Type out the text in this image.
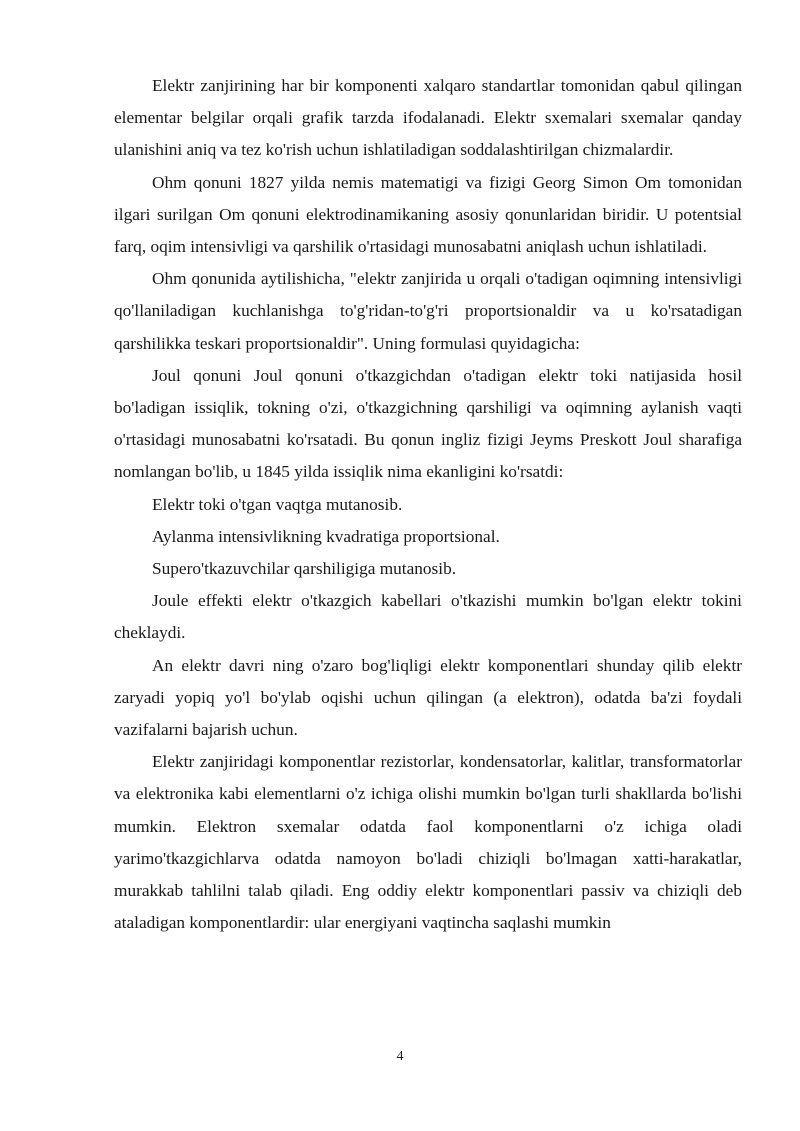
Elektr zanjirining har bir komponenti xalqaro standartlar tomonidan qabul qilingan elementar belgilar orqali grafik tarzda ifodalanadi. Elektr sxemalari sxemalar qanday ulanishini aniq va tez ko'rish uchun ishlatiladigan soddalashtirilgan chizmalardir.

Ohm qonuni 1827 yilda nemis matematigi va fizigi Georg Simon Om tomonidan ilgari surilgan Om qonuni elektrodinamikaning asosiy qonunlaridan biridir. U potentsial farq, oqim intensivligi va qarshilik o'rtasidagi munosabatni aniqlash uchun ishlatiladi.

Ohm qonunida aytilishicha, "elektr zanjirida u orqali o'tadigan oqimning intensivligi qo'llaniladigan kuchlanishga to'g'ridan-to'g'ri proportsionaldir va u ko'rsatadigan qarshilikka teskari proportsionaldir". Uning formulasi quyidagicha:

Joul qonuni Joul qonuni o'tkazgichdan o'tadigan elektr toki natijasida hosil bo'ladigan issiqlik, tokning o'zi, o'tkazgichning qarshiligi va oqimning aylanish vaqti o'rtasidagi munosabatni ko'rsatadi. Bu qonun ingliz fizigi Jeyms Preskott Joul sharafiga nomlangan bo'lib, u 1845 yilda issiqlik nima ekanligini ko'rsatdi:

Elektr toki o'tgan vaqtga mutanosib.

Aylanma intensivlikning kvadratiga proportsional.

Supero'tkazuvchilar qarshiligiga mutanosib.

Joule effekti elektr o'tkazgich kabellari o'tkazishi mumkin bo'lgan elektr tokini cheklaydi.

An elektr davri ning o'zaro bog'liqligi elektr komponentlari shunday qilib elektr zaryadi yopiq yo'l bo'ylab oqishi uchun qilingan (a elektron), odatda ba'zi foydali vazifalarni bajarish uchun.

Elektr zanjiridagi komponentlar rezistorlar, kondensatorlar, kalitlar, transformatorlar va elektronika kabi elementlarni o'z ichiga olishi mumkin bo'lgan turli shakllarda bo'lishi mumkin. Elektron sxemalar odatda faol komponentlarni o'z ichiga oladi yarimo'tkazgichlarva odatda namoyon bo'ladi chiziqli bo'lmagan xatti-harakatlar, murakkab tahlilni talab qiladi. Eng oddiy elektr komponentlari passiv va chiziqli deb ataladigan komponentlardir: ular energiyani vaqtincha saqlashi mumkin

4
